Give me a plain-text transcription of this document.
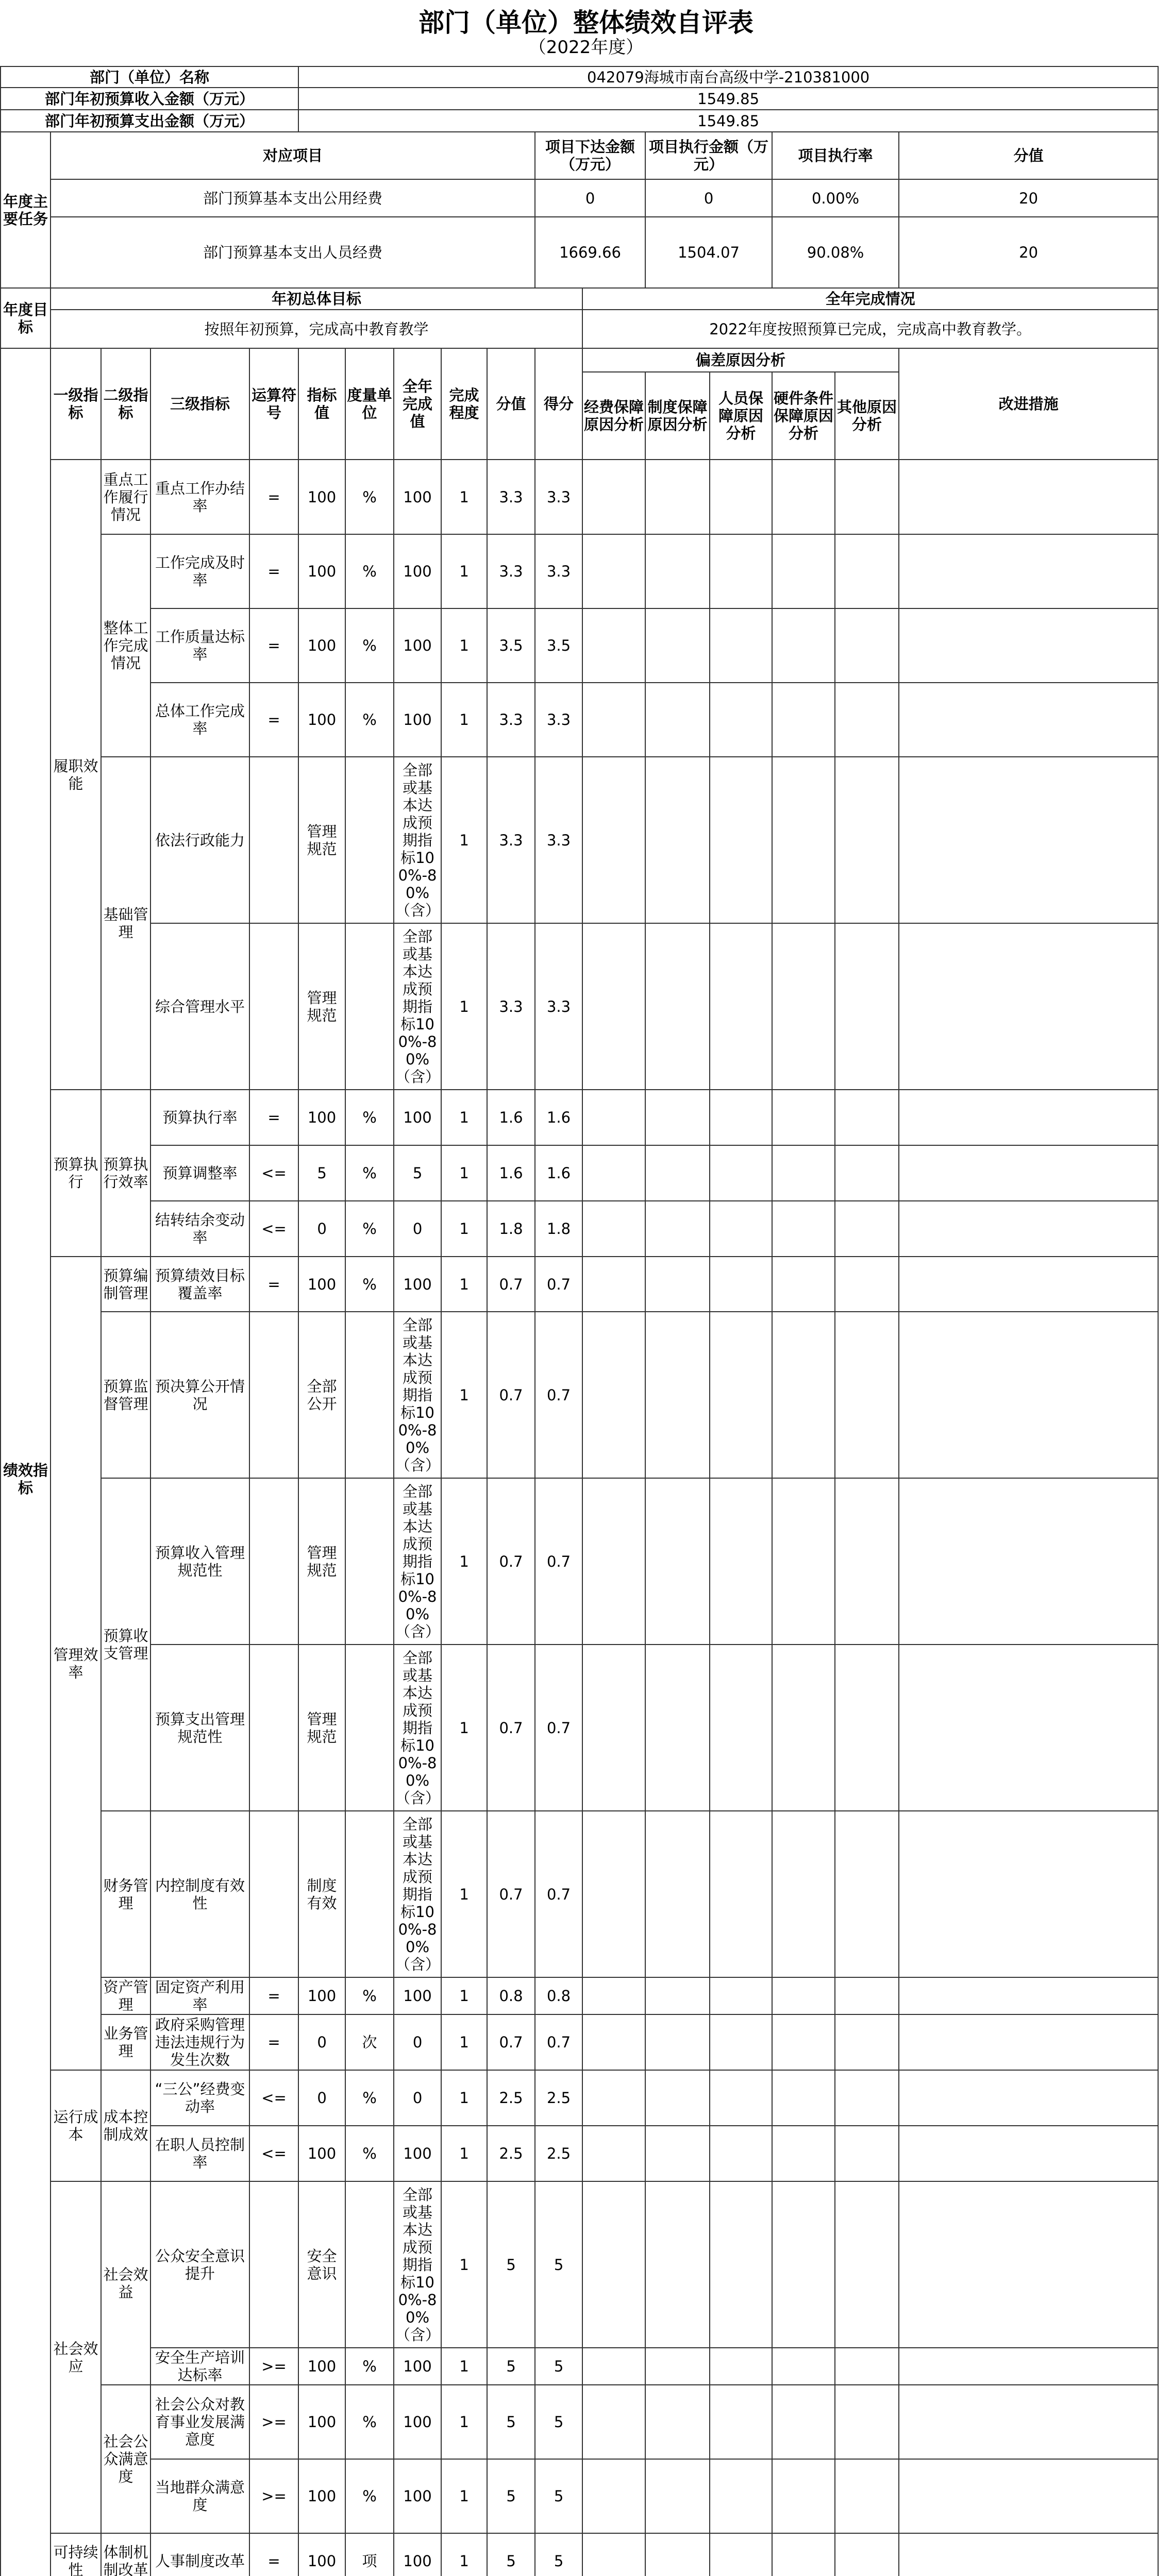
部门（单位）整体绩效自评表
（2022年度）
部门（单位）名称					042079海城市南台高级中学-210381000												
部门年初预算收入金额（万元）					1549.85												
部门年初预算支出金额（万元）					1549.85												
年度主要任务	对应项目									项目下达金额（万元）		项目执行金额（万元）		项目执行率		分值	
	部门预算基本支出公用经费									0		0		0.00%		20	
	部门预算基本支出人员经费									1669.66		1504.07		90.08%		20	
年度目标	年初总体目标										全年完成情况						
	按照年初预算，完成高中教育教学										2022年度按照预算已完成，完成高中教育教学。						
绩效指标	一级指标	二级指标	三级指标	运算符号	指标值	度量单位	全年完成值	完成程度	分值	得分	偏差原因分析					改进措施	
											经费保障原因分析	制度保障原因分析	人员保障原因分析	硬件条件保障原因分析	其他原因分析		
	履职效能	重点工作履行情况	重点工作办结率	=	100	%	100	1	3.3	3.3							
		整体工作完成情况	工作完成及时率	=	100	%	100	1	3.3	3.3							
			工作质量达标率	=	100	%	100	1	3.5	3.5							
			总体工作完成率	=	100	%	100	1	3.3	3.3							
		基础管理	依法行政能力		管理规范		全部或基本达成预期指标100%-80%（含）	1	3.3	3.3							
			综合管理水平		管理规范		全部或基本达成预期指标100%-80%（含）	1	3.3	3.3							
	预算执行	预算执行效率	预算执行率	=	100	%	100	1	1.6	1.6							
			预算调整率	<=	5	%	5	1	1.6	1.6							
			结转结余变动率	<=	0	%	0	1	1.8	1.8							
	管理效率	预算编制管理	预算绩效目标覆盖率	=	100	%	100	1	0.7	0.7							
		预算监督管理	预决算公开情况		全部公开		全部或基本达成预期指标100%-80%（含）	1	0.7	0.7							
		预算收支管理	预算收入管理规范性		管理规范		全部或基本达成预期指标100%-80%（含）	1	0.7	0.7							
			预算支出管理规范性		管理规范		全部或基本达成预期指标100%-80%（含）	1	0.7	0.7							
		财务管理	内控制度有效性		制度有效		全部或基本达成预期指标100%-80%（含）	1	0.7	0.7							
		资产管理	固定资产利用率	=	100	%	100	1	0.8	0.8							
		业务管理	政府采购管理违法违规行为发生次数	=	0	次	0	1	0.7	0.7							
	运行成本	成本控制成效	“三公”经费变动率	<=	0	%	0	1	2.5	2.5							
			在职人员控制率	<=	100	%	100	1	2.5	2.5							
	社会效应	社会效益	公众安全意识提升		安全意识		全部或基本达成预期指标100%-80%（含）	1	5	5							
			安全生产培训达标率	>=	100	%	100	1	5	5							
		社会公众满意度	社会公众对教育事业发展满意度	>=	100	%	100	1	5	5							
			当地群众满意度	>=	100	%	100	1	5	5							
	可持续性	体制机制改革	人事制度改革	=	100	项	100	1	5	5							
